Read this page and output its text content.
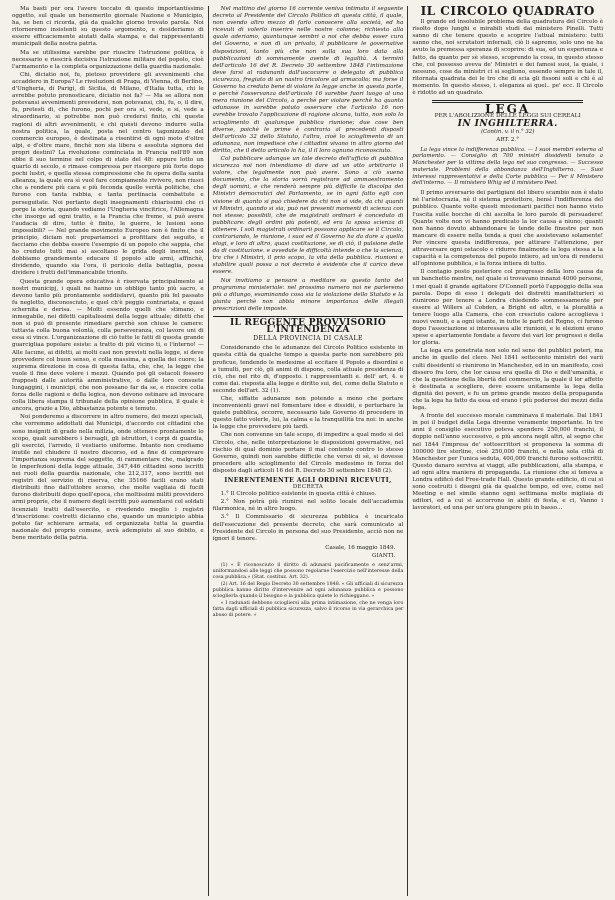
Ma basti per ora l'avere toccato di questo importantissimo oggetto, sul quale un benemerito giornale Nazione e Municipio, ha, se ben ci ricorda, già da qualche giorno trovato parola. Noi ritorneremo insistenti su questo argomento, e desideriamo di essere efficaciemente aiutati dalla stampa, e dai rappresentanti municipali della nostra patria.

Ma se utilissima sarebbe per riuscire l'istruzione politica, è necessario e riescirà decisiva l'istruzione militare del popolo, cioè l'armamento e la completa organizzazione della guardia nazionale.

Chi, diciatio noi, fu, pietoso provvidere gli avvenimenti che accaddero in Europa? Le rivoluzioni di Praga, di Vienna, di Berlino, d'Ungheria, di Parigi, di Sicilia, di Milano, d'Italia tutta, chi le avrebbe potuto pronosticare, diciatio noi fa? — Ma se allora non potevansi avvenimenti prevedersi, non potevansi, chi, fu, o, il dire, fu, pretesti di, che furono, pochi per ora si, vede, e si, vede a straordinario, si potrebbe non può credersi finito, chi queste ragioni di altri avvenimenti, e chi questi devono indurre sulla nostra politica, la quale, posta nel centro tagonizzato del commercio europeo, è destinata a risentirsi di ogni moto d'oltre alpi, e d'oltre mare, finchè non sia libera e assoluta signora dei propri destini? La rivoluzione cominciata in Francia nell'89 non ebbe il suo termine nel colpo di stato del 48: eppure lotto un quarto di secolo, e rimase compressa per risorgere più forte dopo pochi lustri, e quella stessa compressione che fu opera della santa alleanza, la quale era sì vuol fare compiamente rivivere, non riusci che a rendere più cara e più feconda quelle verità politiche, che furono con tanta rabbia, e tanta pertinacia combattute e perseguitate. Noi pertanto degli insegnamenti chiarissimi che ci porge la storia, quando vediamo l'Ungheria vincitrice, l'Allemagna che insorge ad ogni tratto, e la Francia che freme, si può avere l'audacia di dire, tutto è finito, le guerre, le lusioni sono impossibili? — Nel grande movimento Europeo non è finito che il principio, diciam noi: prepariamoci a profittare dei seguito, e facciamo che debba essere l'esempio di un popolo che sappia, che ho creduto tutti mai si ascoltano le grida degli inermi, noi dobbiamo grandemente educare il popolo alle armi, affinchè, dividendo, quando sia l'ora, il pericolo della battaglia, possa dividere i frutti dell'immancabile trionfo.

Questa grande opera educativa è riservata principalmente ai nostri municipj, i quali ne hanno un obbligo tanto più sacro, e devono tanto più prontamente soddisfarvi, quanto più fel passato fu negletto, disconosciuto, e quel ch'è peggio contrariata, e quasi schernita e derisa. — Molti essendo quelli che stimano, e inmegabile, nei difetti capitalissimi della legge attuale; difetti che non si può di presente rimediare perchè son chiuse le camere: tuttavia colla buona volontà, colla perseveranza, col lavore uni di essa si vince. L'organizzazione di ciò tutte le fatti di questa grande guarcigliaa popolare esiste: a tratto di più vicino ti, e l'interno! — Alle Iacune, ai difetti, ai molti casi non previsti nella legge, si deve provvedere col buon senso, e colla massima, a quella dei cuore; la suprema direzione in cosa di questa fatta, che, che, la legge che vuole il fine deve volere i mezzi. Quando poi gli ostacoli fossero frapposti dalle autorità amministrative, o dalle loro consuete lungaggini, i municipi, che non possano far da se, e riuscire colla forza delle ragioni e della legica, non devono ostinare ad invocare colla libera stampa il tribunale della opinione pubblica, il quale è ancora, grazie a Dio, abbastanza potente e temuto.

Noi ponderemo a discorrere in altro numero, dei mezzi speciali, che vorremmo addottati dai Municipi, d'accordo coi cittadini che sono insigniti di grado nella milizia, onde ottenere prontamente lo scopo, quali sarebbero i bersagli, gli istruttori, i corpi di guardia, gli esercizi, l'arredo, il vestiario uniforme. Intanto non crediamo inutile nel chiudere il nostro discorso, ed a fine di comprovare l'importanza suprema del soggetto, di rammentare che, malgrado le imperfezioni della legge attuale, 347,446 cittadini sono iscritti nei ruoli della guardia nazionale, che 212,317, sono iscritti nei registri del servizio di riserva, che 35166 facili erano stati distribuiti fino dall'ottobre scorso, che molte vagliaia di fucili furono distribuiti dopo quell'epoca, che moltissimi militi provvidero armi proprie, che il numero degli iscritti può aumentarsi col soldati licenziati tratti dall'esercito, e rivedendo meglio i registri d'inscrizione: costretti dicianno che, quando un municipio abbia potuto far schierare armata, ed organizzata tutta la guardia nazionale del proprio comune, avrà adempiuto al suo debito, e bene meritato della patria.

Nel mattino del giorno 16 corrente veniva intimato il seguente decreto al Presidente del Circolo Politico di questa città, il quale, non avendo altro mezzo di farlo conoscere alla società, ed ha ricevuti di volerlo inserire nelle nostre colonne; richiesta alla quale aderiamo, quantunque sembri a noi che debba esser cura del Governo, e non di un privato, il pubblicare le governative disposizioni, tanto più che non sulla sua loro data alla pubblicazioni di sommamente avente di legalità. A termini dell'articolo 16 del R. Decreto 30 settembre 1848 l'intimazione deve farsi al radunanti dall'uscocorre o delegato di pubblica sicurezza, fregiato di un nastro tricolore ad armacollo; ma forse il Governo ha creduto bene di violare la legge anche in questa parte, o perchè l'osservanza dell'articolo 16 sarebbe fuori luogo al una mera riunione del Circolo, a perchè per violare perchè ha quanto adunasse in sarebbe potuto osservare che l'articolo 16 non avrebbe trovato l'applicazione di ragione alcuna, tutto, non solo lo scioglimento di qualunque pubblica riunione; due cose ben diverse, poichè le prime è contraria al precedenti disposti dell'articolo 32 dello Statuto, l'altra, cioè lo scioglimento di un adunanza, non impedisce che i cittadini vivano in altro giorno del diritto, che il detto articolo lo ha, il il loro ognuno riconosciuto.

Col pubblicare adunque un tale decreto dell'ufficio di pubblica sicurezza noi non intendiamo di dare ad un atto arbitrario il valore, che legalmente non può avere. Sono a ciò sueno documento, che la storia vorrà registrare ad ammaestramento degli uomini, e che renderà sempre più difficile la discolpa dei Ministri democratici del Parlamento, se in ogni fatto egli con visione di quanto si può chiedere da chi non si vide, da chi quanti vi Ministri, quando si sia, può nei presenti momenti di scienza con noi stesse; possibili, che de magistrati ordinari è conceduto di pubblicare: degli ordini più potenti, ed era la sposa scienza di ottenere. I soli magistrati ordinarii possono applicare se il Circolo, contrariando, le riunione, i suoi ed il Governo ha da dare a quello elogi, e loro di altro, quasi costituzione, se di ciò, il pulsione delle da di costituzione. e avvedute le difficoltà intende o che la scienza, tra che i Ministri, il prio scopo, la vita della pubblica. riunioni e stabilire quali possa a noi decreto è evidente che il carico deve essere.

Noi invitiamo a pensare a meditare su questo tanto del programma ministeriale: nel prossimo numero noi ne parleremo più a dilungo, esaminando cosa sia la violazione dello Statuto e la giunta perchè non abbia minore importanza delle illegali prescrizioni delle imposte.

IL REGGENTE PROVVISORIO L'INTENDENZA

DELLA PROVINCIA DI CASALE

Considerando che le adunanze del Circolo Politico esistente in questa città da qualche tempo a questa parte non sarebbero più proficue, tendendo le medesime al eccitare il Popolo a disordini e a tumulti, per ciò, gli animi di dispone, colla attuale presidenza di ciò, che nel rito di, d'opposto. i rappresentanti e. dell' art, 4. e come dai. risposta alla legge e diritto sui, dei, come della Statuto e secondo dell'art. 32 (1).

Che, siffatte adunanze non potendo a meno che portare inconvenienti gravi nel fomentare idee e dissidii, e perturbare la quiete pubblica, occorre, necessario tale Governo di procedere in questo fatto volerle, lui, la calma e la tranquillità tra noi: in anche la legge che provvedere più tardi.

Che non convenne un tale scopo, di impedire a qual modo si del Circolo, che, nelle interpretazione le disposizioni governative, nel rischio di qual dominio portare il mal contento contro lo stesso Governo, quindi non sarebbe difficile che verso di sè, si dovesse procedere allo scioglimento del Circolo medesimo in forza del disposto dagli articoli 16 del R. Decreto 30 settembre 1848 (2).

INERENTEMENTE AGLI ORDINI RICEVUTI,

DECRETA

1.° Il Circolo politico esistente in questa città è chiuso.

2.° Non potrà più riunirsi nel solito locale dell'accademia filarmonica, nè in altro luogo.

3.° Il Commissario di sicurezza pubblica è incaricato dell'esecuzione del presente decreto, che sarà comunicato al Presidente del Circolo in persona del suo Presidente, acciò non ne ignori il tenore.

Casale, 16 maggio 1849.

GIANTI.

(1) « È riconosciuto il diritto di adunarsi pacificamente e senz'armi, uniformandosi alle leggi che possono regolarne l'esercizio nell'interesse della cosa pubblica.» (Stat. costituz. Art. 32).

(2) Art. 16 del Regio Decreto 30 settembre 1848. « Gli ufficiali di sicurezza pubblica hanno diritto d'intervenire ad ogni adunanza pubblica e possono scioglierla quando il bisogno e la pubblica quiete lo richieggano. »

« I radunati debbono sciogliersi alla prima intimazione, che ne venga loro fatta dagli ufficiali di pubblica sicurezza, salvo il ricorso in via gerarchica per abuso di potere. »

IL CIRCOLO QUADRATO

Il grande ed insolubile problema della quadratura del Circolo è risolto dopo lunghi e mirabili studi dai ministero Pinelli. Tutti sanno di che tenere questo e scoprire l'attual ministero: tutti sanno che, noi scrutatori infernali, ciò li sapremo, solo uno ne ha avuto la premessa speranza di scoprire: di sua, ed un esperienza e fatto, da quanto per sè stesso, scoprendo la cosa, in questo stesso che, col possesso aveva de' Ministri e dei famosi suoi, la quale, i nessuno, cose da ministri ci si sogliono, essendo sempre in tale il, ritornata quadrata dei le tro che di scia gli fissoni soli e chi è al momento. In questo stesso, i. eleganza ai quel.. pe' ecc. Il Circolo è ridotto ad un quadrato.

LEGA

PER L'ABOLIZIONE DELLE LEGGI SUI CEREALI

IN INGHILTERRA.

(Contin. v. il n.° 32)

ART. 2.°

La lega vince la indifferenza pubblica. — I suoi membri esterna al parlamento. — Consiglio di 700 ministri dissidenti tenuto a Manchester per la vittima della lega nel suo congresso. — Successo materiale. Problemi della abbondanza dell'Inghilterra. — Suoi interessi rappresentativi e della Corte pubblica — Per il Ministero dell'interno. — Il ministero Whig ed il ministero Peel.

Il primo avversario dei partigiani del libero scambio non è stato nè l'aristocrazia, nè il sistema protettore, bensì l'indifferenza del pubblico. Quante volte questi missionarii pacifici non hanno visto l'uscita sulle bocche di chi ascolta le loro parole di persuadere! Quante volte non vi hanno predicato la lor causa a niuno; quanti non hanno dovuto abbandonare le tende delle finestre per non mancare di essere nella tenda a quei che assistevano solamente! Per vincere questa indifferenza, per attirare l'attenzione, per attraversare ogni ostacolo e ridurre finalmente la lega stessa a la capacità e la competenza del popolo intiero, ad un'ora di rendersi all'opinione pubblica, e la forza intiera di tutto.

Il contagio posto posteriore col progresso della loro causa da un banchetto mentre, nel quale si trovavano innanzi 4000 persone, i mei quali il grande agitatore O'Connell portò l'appoggio della sua parola. Dopo di esso i delegati dei distretti manifatturieri si riunirono per tenere a Londra chiedendo sommessamente per essere al Willers al Cobden, a Bright ed altri, e la pluralità a tenere luogo alla Camera, che con cresciuto calore accoglieva i nuovi venuti, e a ogni istante, in tutte le parti del Regno, ci furono dopo l'associazione si interessava alle riunioni, e le elezioni erano spese e apertamente fondate a favore dei vari lor progressi e della lor gloria.

La lega era penetrata non solo nel seno dei pubblici poteri, ma anche in quello del clero. Nel 1841 settecento ministri dei varii culti dissidenti si riunirono in Manchester, ed in un manifesto, così dissero fra loro, che lor causa era quella di Dio e dell'umanità, e che la questione della libertà del commercio, la quale il lor affetto è destinata a scegliere, deve essere unitamente la lega della dignità dei poveri, e fu un primo grande mezzo della propaganda che la lega ha fatto da essa ed erano i più poderosi dei mezzi della lega.

A fronte del successo morale camminava il materiale. Dal 1841 in poi il budget della Lega divenne veramente importante. In tre anni il consiglio esecutivo poteva spendere 250,000 franchi, il doppio nell'anno successivo, e più ancora negli altri, al segno che nel 1844 l'impresa de' sottoscrittori si proponeva la somma di 100000 lire sterline, cioè 250,000 franchi, e nella sola città di Manchester per l'unica seduta, 400,000 franchi furono sottoscritti. Questo danaro serviva ai viaggi, alle pubblicazioni, alla stampa, e ad ogni altra maniera di propaganda. La riunione che si teneva a Londra edificò del Free-trade Hall. Questo grande edificio, di cui si sono costruiti i disegni già da qualche tempo, ed ove, come nel Meeting e nel simile stanno ogni settimana molte migliaia di uditori, ed a cui si accorrono in abiti di festa, e ci, Vanno i lavoratori, ed una per un'ora giungere più in basso...
